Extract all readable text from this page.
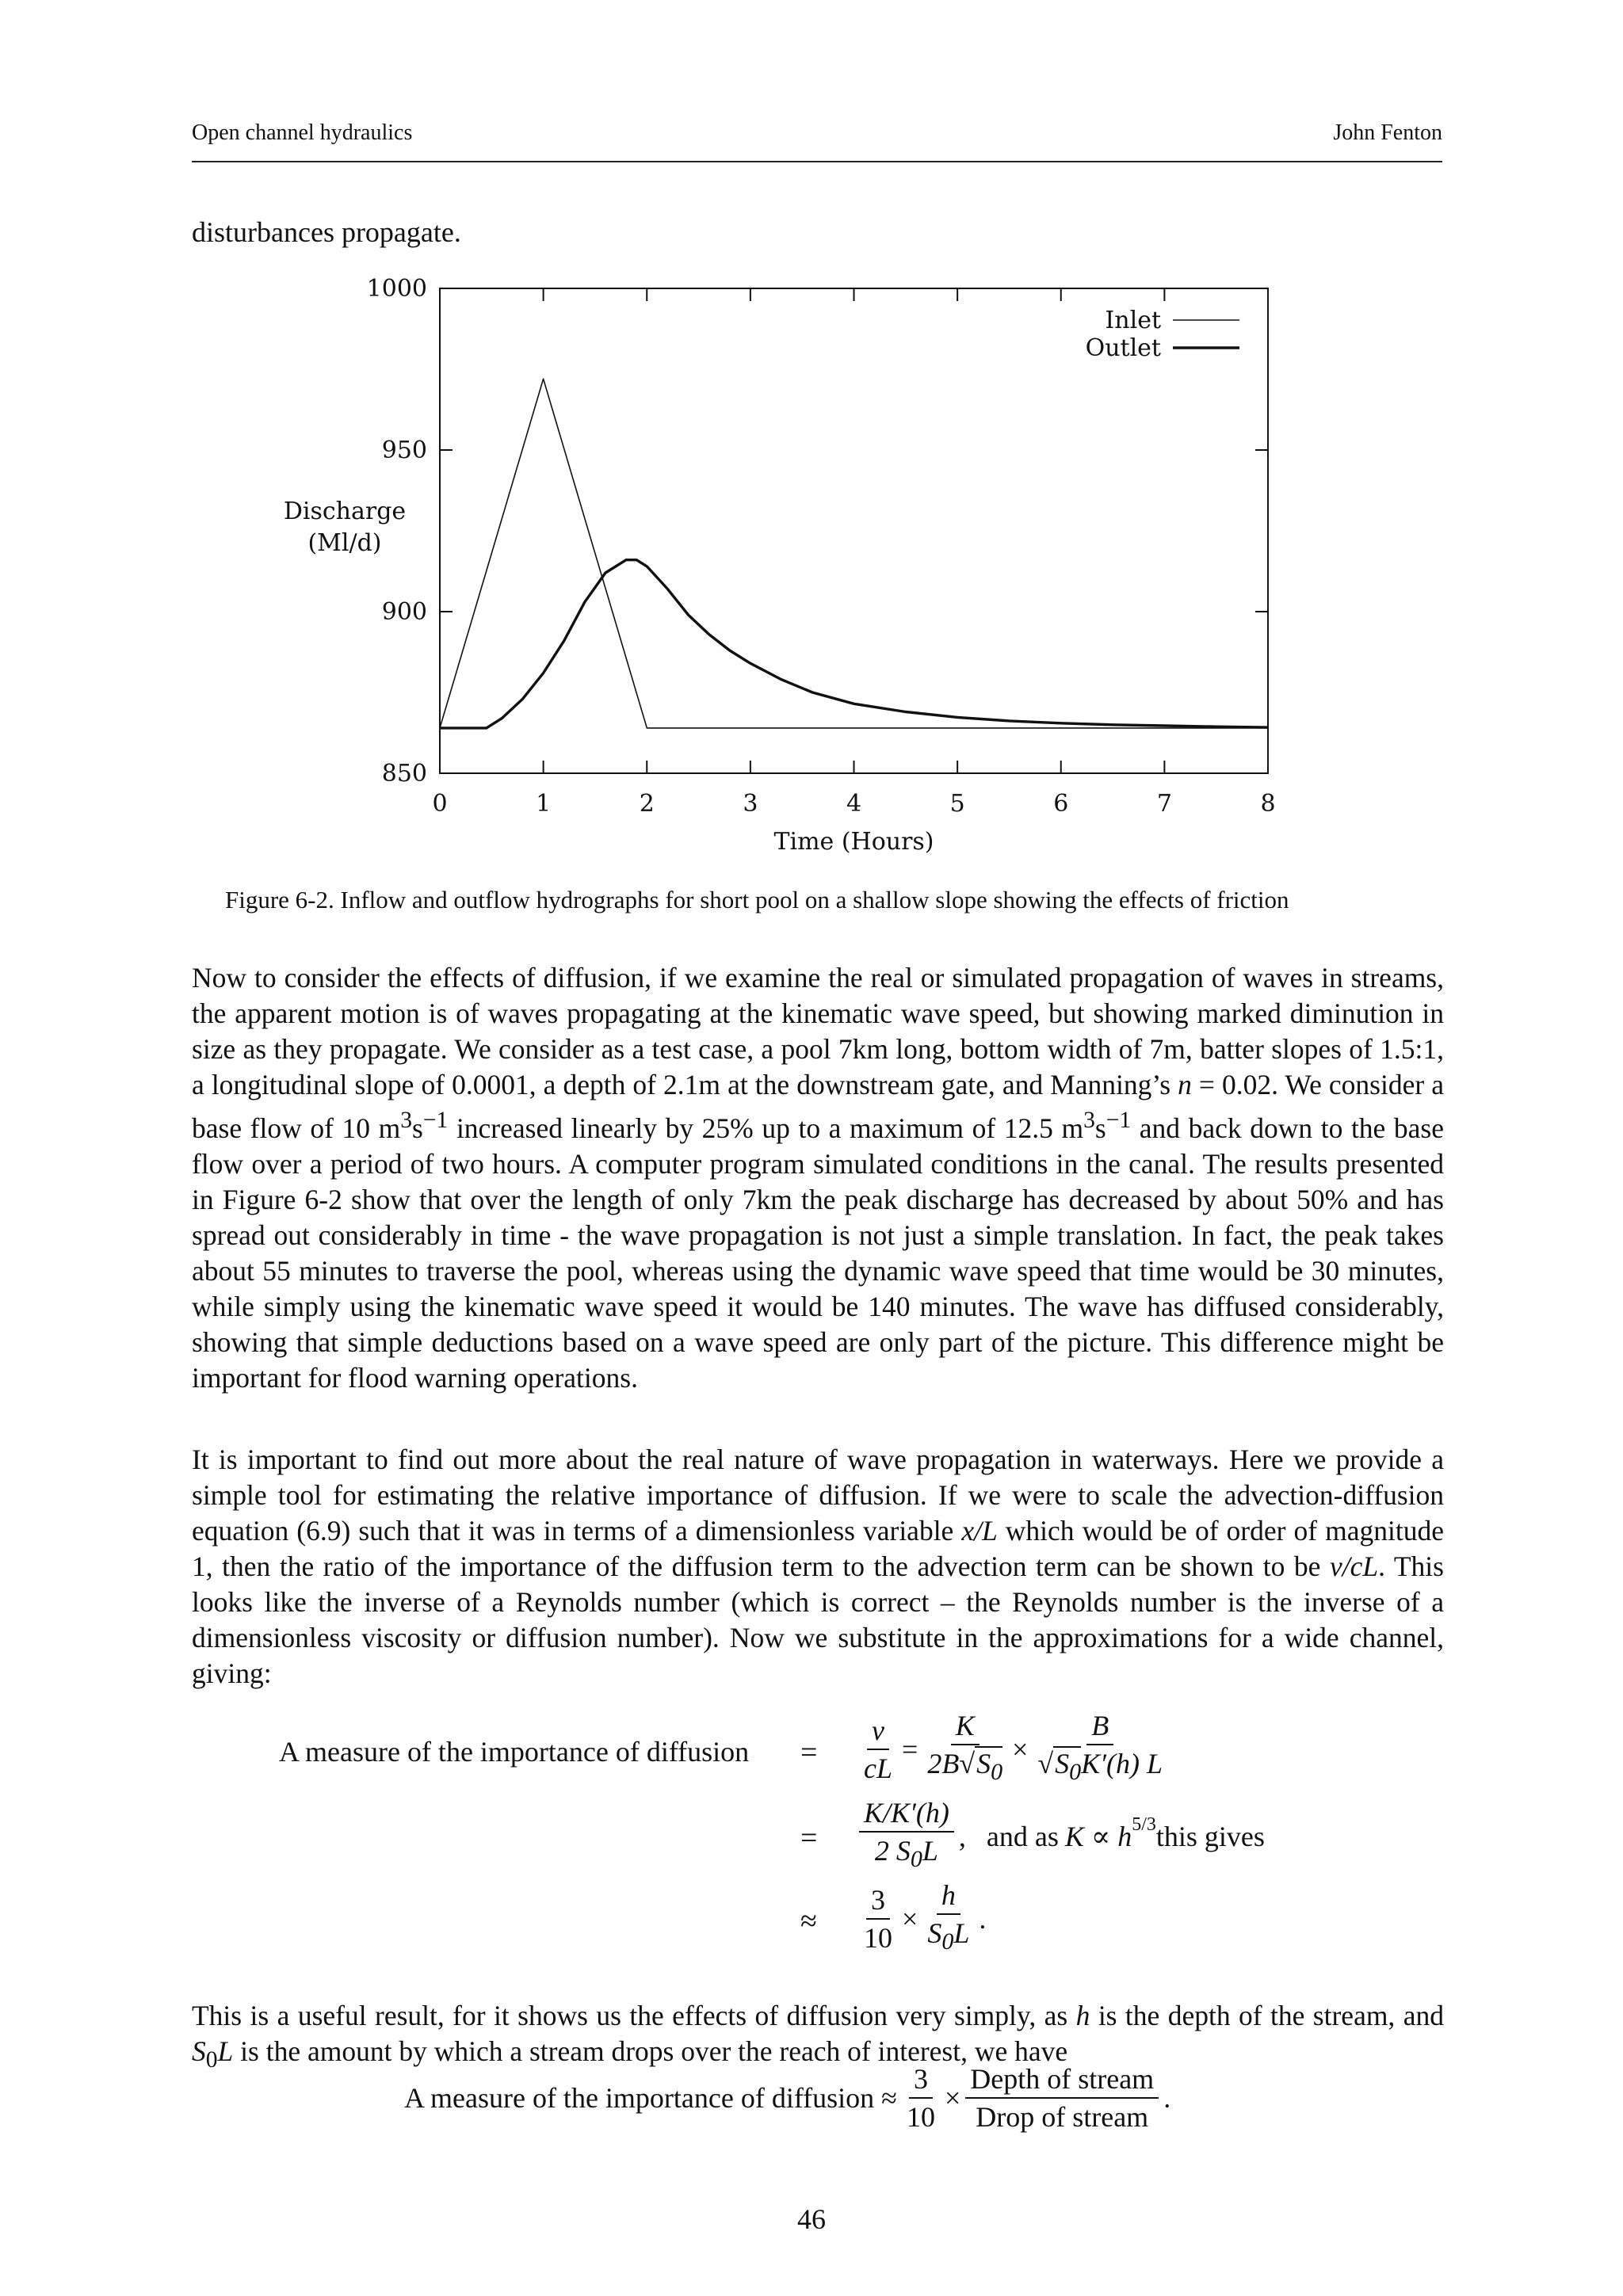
Open channel hydraulics	John Fenton
disturbances propagate.
0	1	2	3	4	5	6	7	8
850
900
950
1000
Time (Hours)
Discharge
(Ml/d)
Inlet
Outlet
Figure 6-2. Inflow and outflow hydrographs for short pool on a shallow slope showing the effects of friction

Now to consider the effects of diffusion, if we examine the real or simulated propagation of waves in streams, the apparent motion is of waves propagating at the kinematic wave speed, but showing marked diminution in size as they propagate. We consider as a test case, a pool 7km long, bottom width of 7m, batter slopes of 1.5:1, a longitudinal slope of 0.0001, a depth of 2.1m at the downstream gate, and Manning’s n = 0.02. We consider a base flow of 10 $m^3s^{-1}$ increased linearly by 25% up to a maximum of 12.5 $m^3s^{-1}$ and back down to the base flow over a period of two hours. A computer program simulated conditions in the canal. The results presented in Figure 6-2 show that over the length of only 7km the peak discharge has decreased by about 50% and has spread out considerably in time - the wave propagation is not just a simple translation. In fact, the peak takes about 55 minutes to traverse the pool, whereas using the dynamic wave speed that time would be 30 minutes, while simply using the kinematic wave speed it would be 140 minutes. The wave has diffused considerably, showing that simple deductions based on a wave speed are only part of the picture. This difference might be important for flood warning operations.

It is important to find out more about the real nature of wave propagation in waterways. Here we provide a simple tool for estimating the relative importance of diffusion. If we were to scale the advection-diffusion equation (6.9) such that it was in terms of a dimensionless variable x/L which would be of order of magnitude 1, then the ratio of the importance of the diffusion term to the advection term can be shown to be ν/cL. This looks like the inverse of a Reynolds number (which is correct – the Reynolds number is the inverse of a dimensionless viscosity or diffusion number). Now we substitute in the approximations for a wide channel, giving:

A measure of the importance of diffusion =
=
≈
$\frac{\nu}{cL} = \frac{K}{2B√S_0} \times \frac{B}{√S_0K'(h) L}$
$\frac{K/K'(h)}{2 S_0L}$ , and as $K \propto h^{5/3}$ this gives
$\frac{3}{10} \times \frac{h}{S_0L}$ .

This is a useful result, for it shows us the effects of diffusion very simply, as h is the depth of the stream, and $S_0L$ is the amount by which a stream drops over the reach of interest, we have

A measure of the importance of diffusion ≈ $\frac{3}{10} \times \frac{\text{Depth of stream}}{\text{Drop of stream}}$ .
46
